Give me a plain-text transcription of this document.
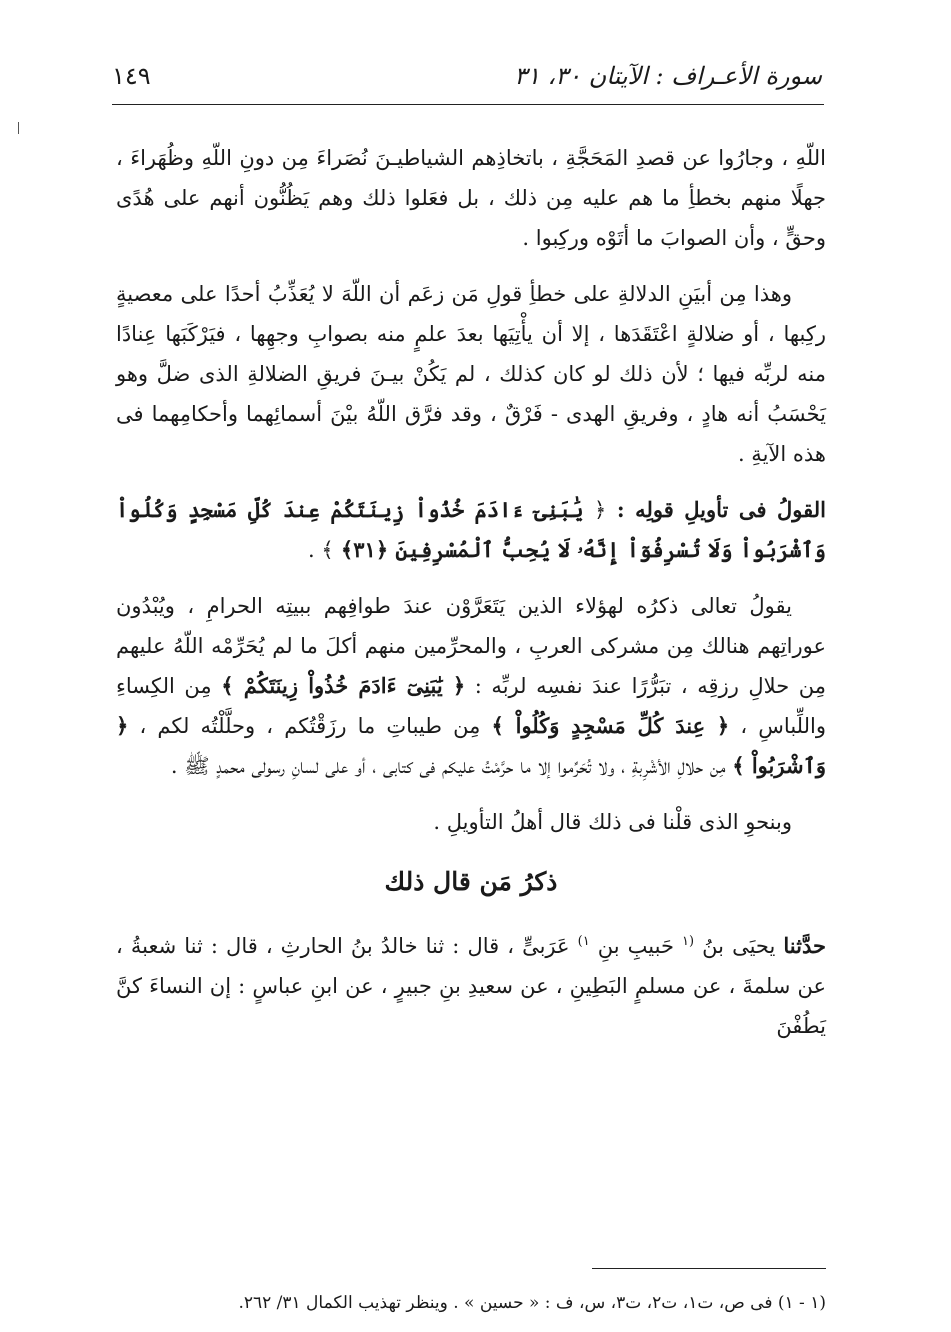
سورة الأعـراف : الآيتان ٣٠، ٣١
١٤٩

اللّهِ ، وجارُوا عن قصدِ المَحَجَّةِ ، باتخاذِهم الشياطيـنَ نُصَراءَ مِن دونِ اللّهِ وظُهَراءَ ، جهلًا منهم بخطأِ ما هم عليه مِن ذلك ، بل فعَلوا ذلك وهم يَظُنُّون أنهم على هُدًى وحقٍّ ، وأن الصوابَ ما أتَوْه وركِبوا .

وهذا مِن أبيَنِ الدلالةِ على خطأِ قولِ مَن زعَم أن اللّهَ لا يُعَذِّبُ أحدًا على معصيةٍ ركِبها ، أو ضلالةٍ اعْتَقَدَها ، إلا أن يأْتِيَها بعدَ علمٍ منه بصوابِ وجهِها ، فيَرْكَبَها عِنادًا منه لربِّه فيها ؛ لأن ذلك لو كان كذلك ، لم يَكُنْ بيـنَ فريقِ الضلالةِ الذى ضلَّ وهو يَحْسَبُ أنه هادٍ ، وفريقِ الهدى - فَرْقٌ ، وقد فرَّق اللّهُ بيْنَ أسمائِهما وأحكامِهما فى هذه الآيةِ .

القولُ فى تأويلِ قولِه : ﴿ يَٰبَنِىٓ ءَادَمَ خُذُواْ زِينَتَكُمْ عِندَ كُلِّ مَسْجِدٍ وَكُلُواْ وَٱشْرَبُواْ وَلَا تُسْرِفُوٓاْ إِنَّهُۥ لَا يُحِبُّ ٱلْمُسْرِفِينَ ﴿٣١﴾ ﴾ .

يقولُ تعالى ذكرُه لهؤلاء الذين يَتَعَرَّوْن عندَ طوافِهم ببيتِه الحرامِ ، ويُبْدُون عوراتِهم هنالك مِن مشركى العربِ ، والمحرِّمين منهم أكلَ ما لم يُحَرِّمْه اللّهُ عليهم مِن حلالِ رزقِه ، تبَرُّرًا عندَ نفسِه لربِّه : ﴿ يَٰبَنِىٓ ءَادَمَ خُذُواْ زِينَتَكُمْ ﴾ مِن الكِساءِ واللِّباسِ ، ﴿ عِندَ كُلِّ مَسْجِدٍ وَكُلُواْ ﴾ مِن طيباتِ ما رزَقْتُكم ، وحلَّلْتُه لكم ، ﴿ وَٱشْرَبُواْ ﴾ مِن حلالِ الأشْرِبةِ ، ولا تُحَرِّموا إلا ما حرَّمْتُ عليكم فى كتابى ، أو على لسانِ رسولى محمدٍ ﷺ .

وبنحوِ الذى قلْنا فى ذلك قال أهلُ التأويلِ .

ذكرُ مَن قال ذلك

حدَّثنا يحيَى بنُ $^{(١}$ حَبيبِ بنِ $^{١)}$ عَرَبىٍّ ، قال : ثنا خالدُ بنُ الحارثِ ، قال : ثنا شعبةُ ، عن سلمةَ ، عن مسلمٍ البَطِينِ ، عن سعيدِ بنِ جبيرٍ ، عن ابنِ عباسٍ : إن النساءَ كنَّ يَطُفْنَ

(١ - ١) فى ص، ت١، ت٢، ت٣، س، ف : « حسين » . وينظر تهذيب الكمال ٣١/ ٢٦٢.
